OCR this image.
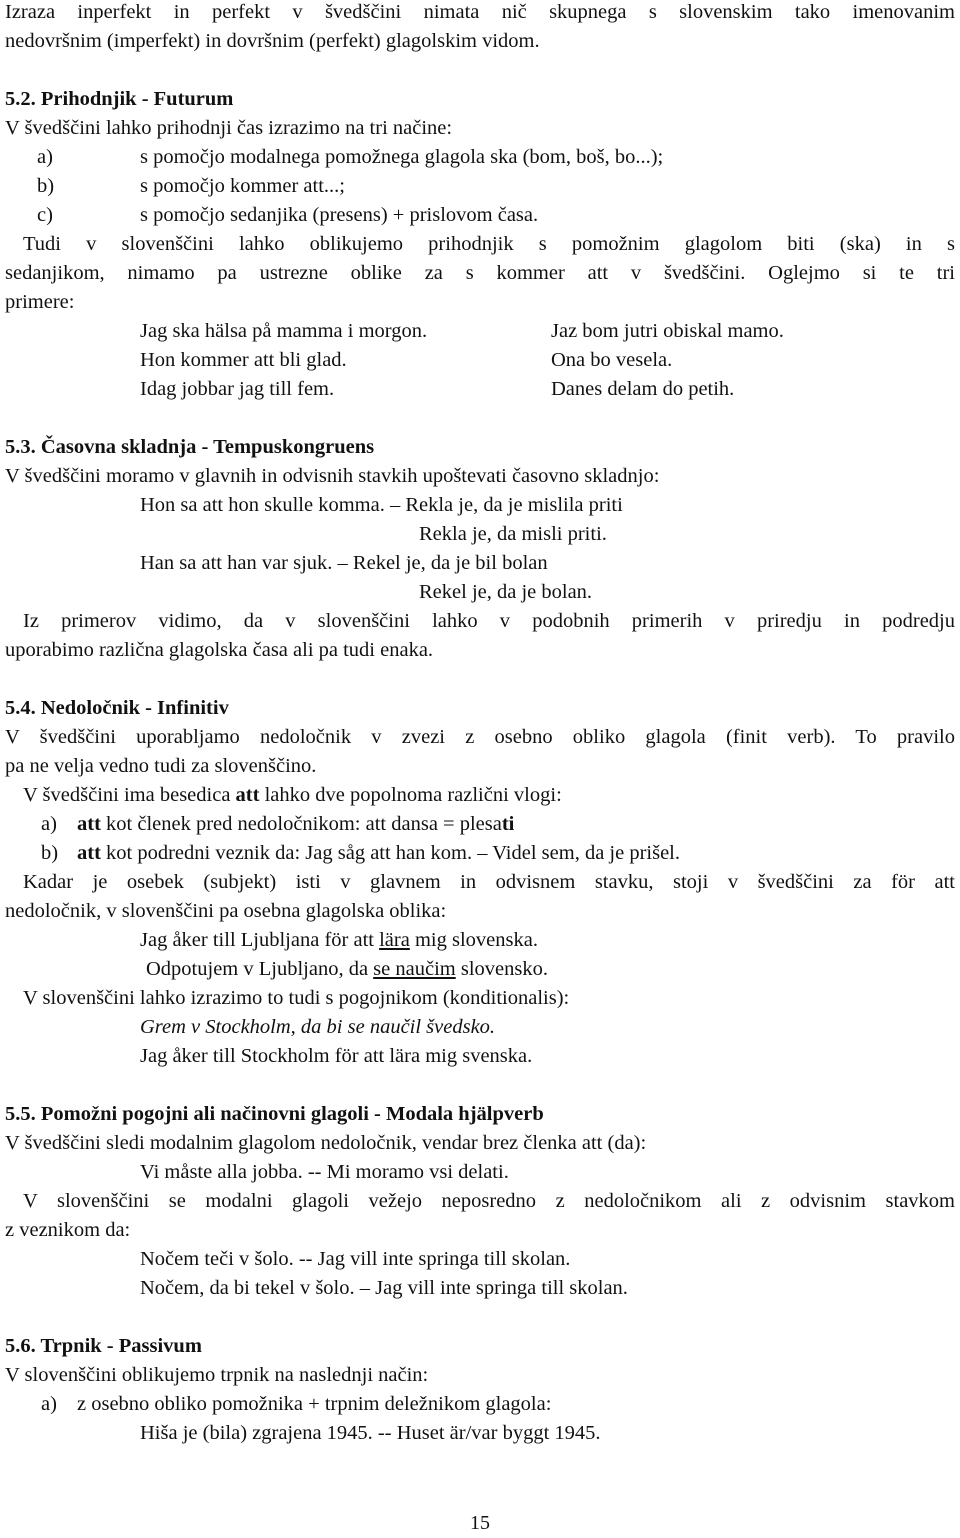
Izraza inperfekt in perfekt v švedščini nimata nič skupnega s slovenskim tako imenovanim
nedovršnim (imperfekt) in dovršnim (perfekt) glagolskim vidom.
5.2. Prihodnjik - Futurum
V švedščini lahko prihodnji čas izrazimo na tri načine:
a)	s pomočjo modalnega pomožnega glagola ska (bom, boš, bo...);
b)	s pomočjo kommer att...;
c)	s pomočjo sedanjika (presens) + prislovom časa.
Tudi v slovenščini lahko oblikujemo prihodnjik s pomožnim glagolom biti (ska) in s
sedanjikom, nimamo pa ustrezne oblike za s kommer att v švedščini. Oglejmo si te tri
primere:
Jag ska hälsa på mamma i morgon.	Jaz bom jutri obiskal mamo.
Hon kommer att bli glad.	Ona bo vesela.
Idag jobbar jag till fem.	Danes delam do petih.
5.3. Časovna skladnja - Tempuskongruens
V švedščini moramo v glavnih in odvisnih stavkih upoštevati časovno skladnjo:
Hon sa att hon skulle komma. – Rekla je, da je mislila priti
Rekla je, da misli priti.
Han sa att han var sjuk. – Rekel je, da je bil bolan
Rekel je, da je bolan.
Iz primerov vidimo, da v slovenščini lahko v podobnih primerih v priredju in podredju
uporabimo različna glagolska časa ali pa tudi enaka.
5.4. Nedoločnik - Infinitiv
V švedščini uporabljamo nedoločnik v zvezi z osebno obliko glagola (finit verb). To pravilo
pa ne velja vedno tudi za slovenščino.
V švedščini ima besedica att lahko dve popolnoma različni vlogi:
a) att kot členek pred nedoločnikom: att dansa = plesati
b) att kot podredni veznik da: Jag såg att han kom. – Videl sem, da je prišel.
Kadar je osebek (subjekt) isti v glavnem in odvisnem stavku, stoji v švedščini za för att
nedoločnik, v slovenščini pa osebna glagolska oblika:
Jag åker till Ljubljana för att lära mig slovenska.
Odpotujem v Ljubljano, da se naučim slovensko.
V slovenščini lahko izrazimo to tudi s pogojnikom (konditionalis):
Grem v Stockholm, da bi se naučil švedsko.
Jag åker till Stockholm för att lära mig svenska.
5.5. Pomožni pogojni ali načinovni glagoli - Modala hjälpverb
V švedščini sledi modalnim glagolom nedoločnik, vendar brez členka att (da):
Vi måste alla jobba. -- Mi moramo vsi delati.
V slovenščini se modalni glagoli vežejo neposredno z nedoločnikom ali z odvisnim stavkom
z veznikom da:
Nočem teči v šolo. -- Jag vill inte springa till skolan.
Nočem, da bi tekel v šolo. – Jag vill inte springa till skolan.
5.6. Trpnik - Passivum
V slovenščini oblikujemo trpnik na naslednji način:
a) z osebno obliko pomožnika + trpnim deležnikom glagola:
Hiša je (bila) zgrajena 1945. -- Huset är/var byggt 1945.
15
